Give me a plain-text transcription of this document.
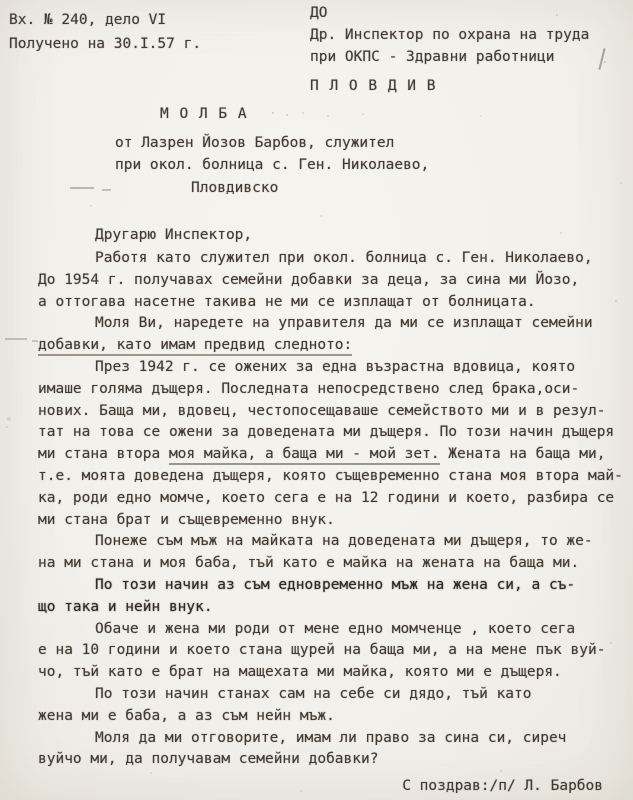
Вх. № 240, дело VI
Получено на 30.I.57 г.
ДО
Др. Инспектор по охрана на труда
при ОКПС - Здравни работници
П Л О В Д И В
М О Л Б А
от Лазрен Йозов Барбов, служител
при окол. болница с. Ген. Николаево,
Пловдивско
Другарю Инспектор,
Работя като служител при окол. болница с. Ген. Николаево,
До 1954 г. получавах семейни добавки за деца, за сина ми Йозо,
а оттогава насетне такива не ми се изплащат от болницата.
Моля Ви, наредете на управителя да ми се изплащат семейни
добавки, като имам предвид следното:
През 1942 г. се ожених за една възрастна вдовица, която
имаше голяма дъщеря. Последната непосредствено след брака,оси-
нових. Баща ми, вдовец, честопосещаваше семейството ми и в резул-
тат на това се ожени за доведената ми дъщеря. По този начин дъщеря
ми стана втора моя майка, а баща ми - мой зет. Жената на баща ми,
т.е. моята доведена дъщеря, която същевременно стана моя втора май-
ка, роди едно момче, което сега е на 12 години и което, разбира се
ми стана брат и същевременно внук.
Понеже съм мъж на майката на доведената ми дъщеря, то же-
на ми стана и моя баба, тъй като е майка на жената на баща ми.
По този начин аз съм едновременно мъж на жена си, а съ-
що така и нейн внук.
Обаче и жена ми роди от мене едно момченце , което сега
е на 10 години и което стана щурей на баща ми, а на мене пък вуй-
чо, тъй като е брат на мащехата ми майка, която ми е дъщеря.
По този начин станах сам на себе си дядо, тъй като
жена ми е баба, а аз съм нейн мъж.
Моля да ми отговорите, имам ли право за сина си, сиреч
вуйчо ми, да получавам семейни добавки?
С поздрав:/п/ Л. Барбов
